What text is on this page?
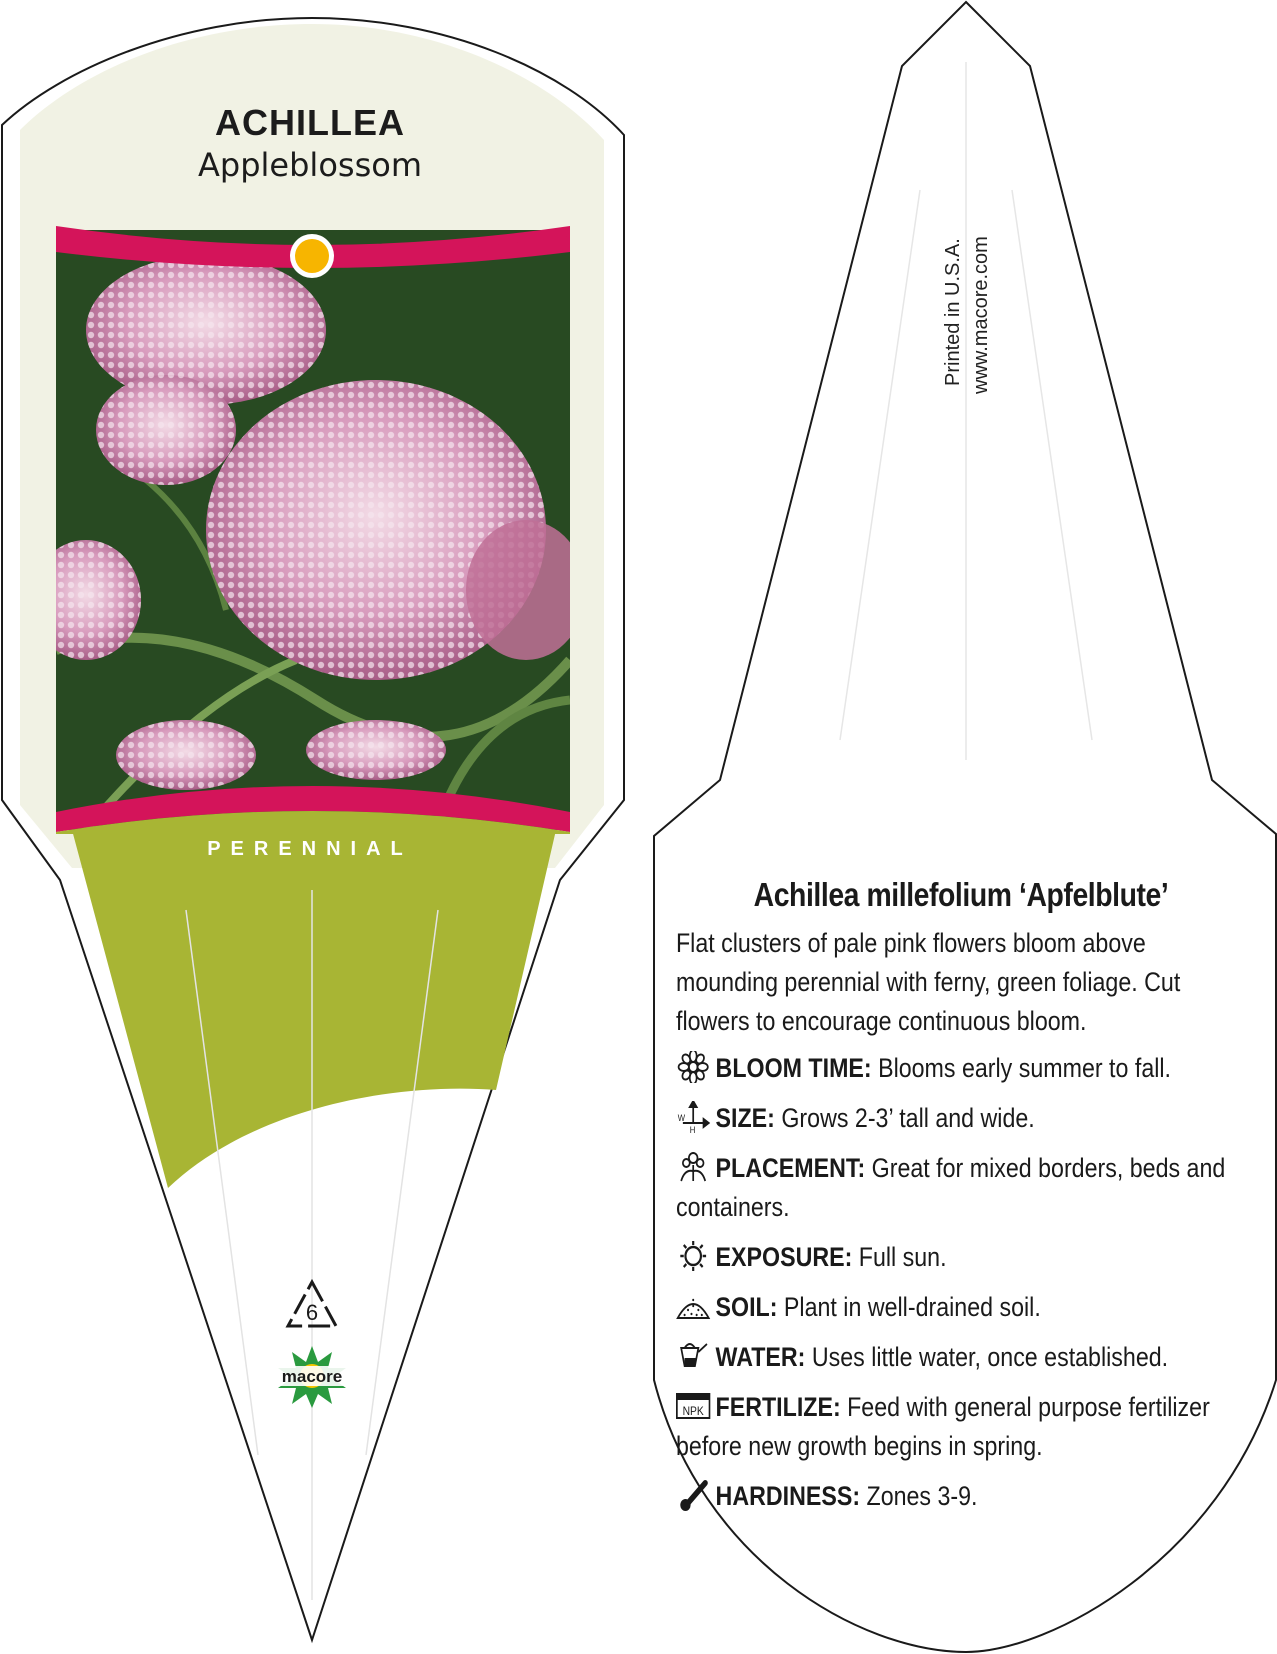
ACHILLEA
Appleblossom
PERENNIAL
6
macore
Printed in U.S.A. www.macore.com
Achillea millefolium ‘Apfelblute’
Flat clusters of pale pink flowers bloom above mounding perennial with ferny, green foliage. Cut flowers to encourage continuous bloom.
BLOOM TIME: Blooms early summer to fall.
W
H SIZE: Grows 2-3’ tall and wide.
PLACEMENT: Great for mixed borders, beds and containers.
EXPOSURE: Full sun.
SOIL: Plant in well-drained soil.
WATER: Uses little water, once established.
NPK FERTILIZE: Feed with general purpose fertilizer before new growth begins in spring.
HARDINESS: Zones 3-9.
